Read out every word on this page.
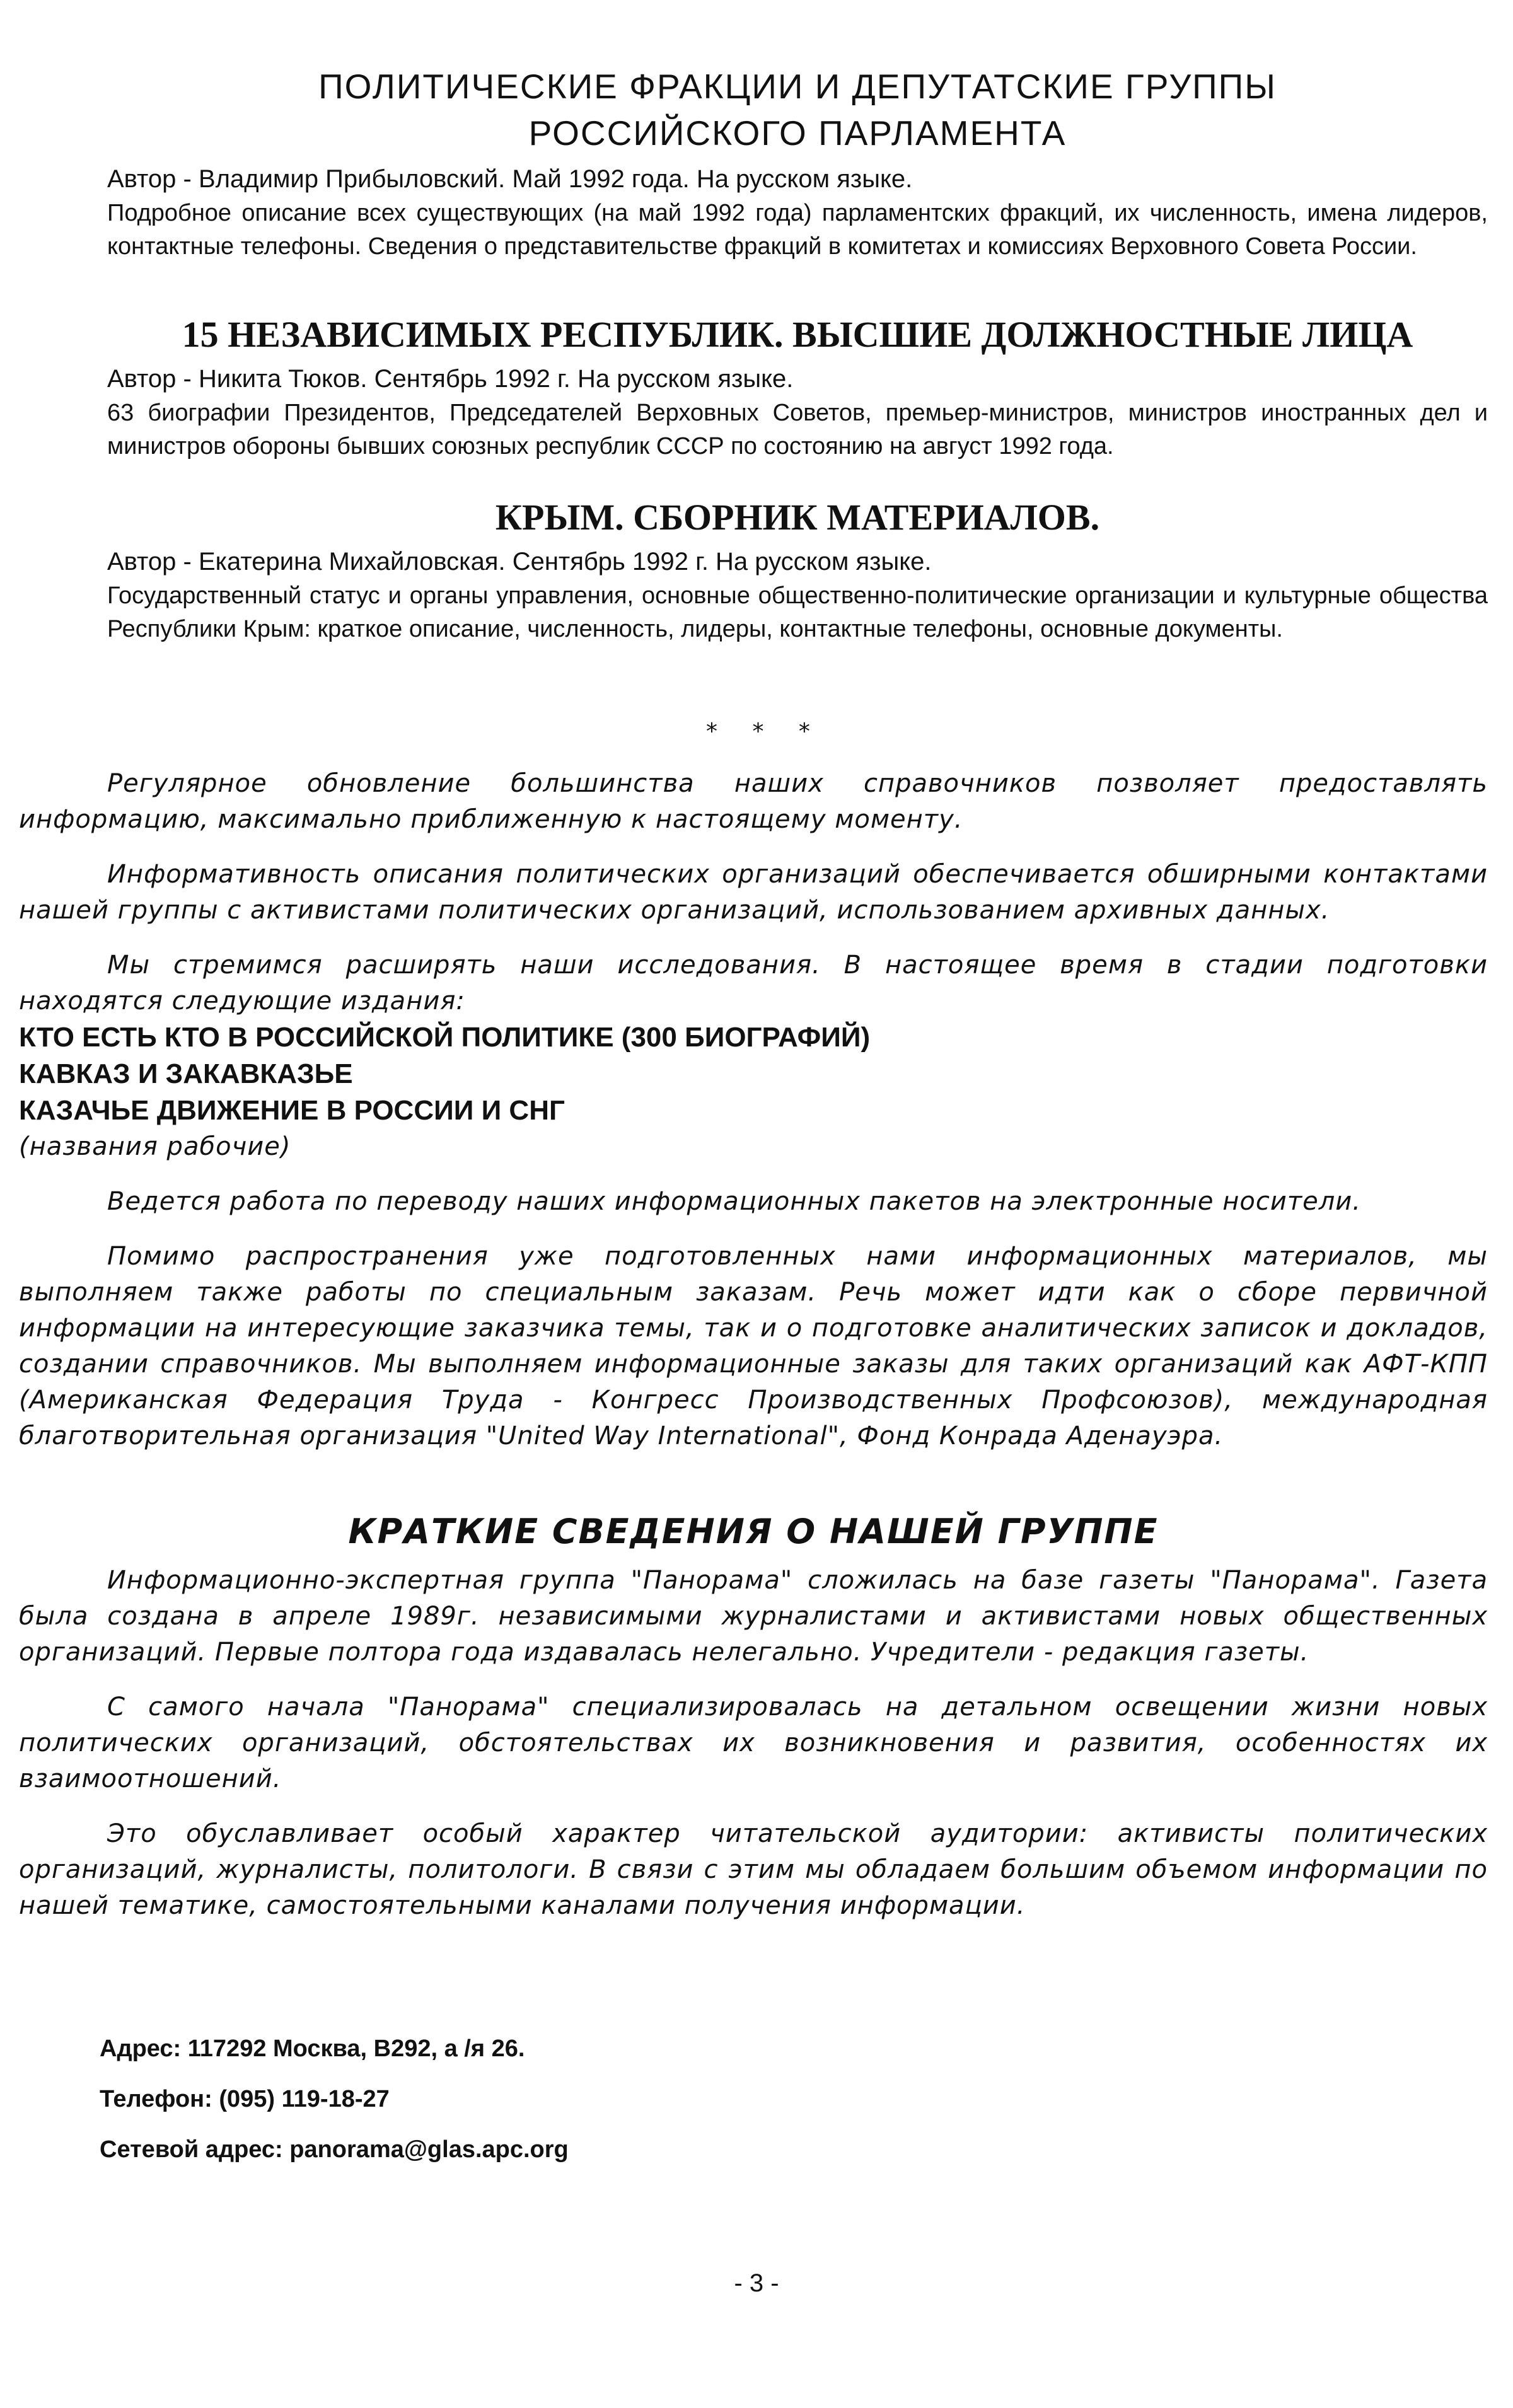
ПОЛИТИЧЕСКИЕ ФРАКЦИИ И ДЕПУТАТСКИЕ ГРУППЫ
РОССИЙСКОГО ПАРЛАМЕНТА

Автор - Владимир Прибыловский. Май 1992 года. На русском языке.

Подробное описание всех существующих (на май 1992 года) парламентских фракций, их численность, имена лидеров, контактные телефоны. Сведения о представительстве фракций в комитетах и комиссиях Верховного Совета России.

15 НЕЗАВИСИМЫХ РЕСПУБЛИК. ВЫСШИЕ ДОЛЖНОСТНЫЕ ЛИЦА

Автор - Никита Тюков. Сентябрь 1992 г. На русском языке.

63 биографии Президентов, Председателей Верховных Советов, премьер-министров, министров иностранных дел и министров обороны бывших союзных республик СССР по состоянию на август 1992 года.

КРЫМ. СБОРНИК МАТЕРИАЛОВ.

Автор - Екатерина Михайловская. Сентябрь 1992 г. На русском языке.

Государственный статус и органы управления, основные общественно-политические организации и культурные общества Республики Крым: краткое описание, численность, лидеры, контактные телефоны, основные документы.

* * *

Регулярное обновление большинства наших справочников позволяет предоставлять информацию, максимально приближенную к настоящему моменту.

Информативность описания политических организаций обеспечивается обширными контактами нашей группы с активистами политических организаций, использованием архивных данных.

Мы стремимся расширять наши исследования. В настоящее время в стадии подготовки находятся следующие издания:

КТО ЕСТЬ КТО В РОССИЙСКОЙ ПОЛИТИКЕ (300 БИОГРАФИЙ)

КАВКАЗ И ЗАКАВКАЗЬЕ

КАЗАЧЬЕ ДВИЖЕНИЕ В РОССИИ И СНГ

(названия рабочие)

Ведется работа по переводу наших информационных пакетов на электронные носители.

Помимо распространения уже подготовленных нами информационных материалов, мы выполняем также работы по специальным заказам. Речь может идти как о сборе первичной информации на интересующие заказчика темы, так и о подготовке аналитических записок и докладов, создании справочников. Мы выполняем информационные заказы для таких организаций как АФТ-КПП (Американская Федерация Труда - Конгресс Производственных Профсоюзов), международная благотворительная организация "United Way International", Фонд Конрада Аденауэра.

КРАТКИЕ СВЕДЕНИЯ О НАШЕЙ ГРУППЕ

Информационно-экспертная группа "Панорама" сложилась на базе газеты "Панорама". Газета была создана в апреле 1989г. независимыми журналистами и активистами новых общественных организаций. Первые полтора года издавалась нелегально. Учредители - редакция газеты.

С самого начала "Панорама" специализировалась на детальном освещении жизни новых политических организаций, обстоятельствах их возникновения и развития, особенностях их взаимоотношений.

Это обуславливает особый характер читательской аудитории: активисты политических организаций, журналисты, политологи. В связи с этим мы обладаем большим объемом информации по нашей тематике, самостоятельными каналами получения информации.

Адрес: 117292 Москва, В292, а /я 26.
Телефон: (095) 119-18-27
Сетевой адрес: panorama@glas.apc.org
- 3 -
